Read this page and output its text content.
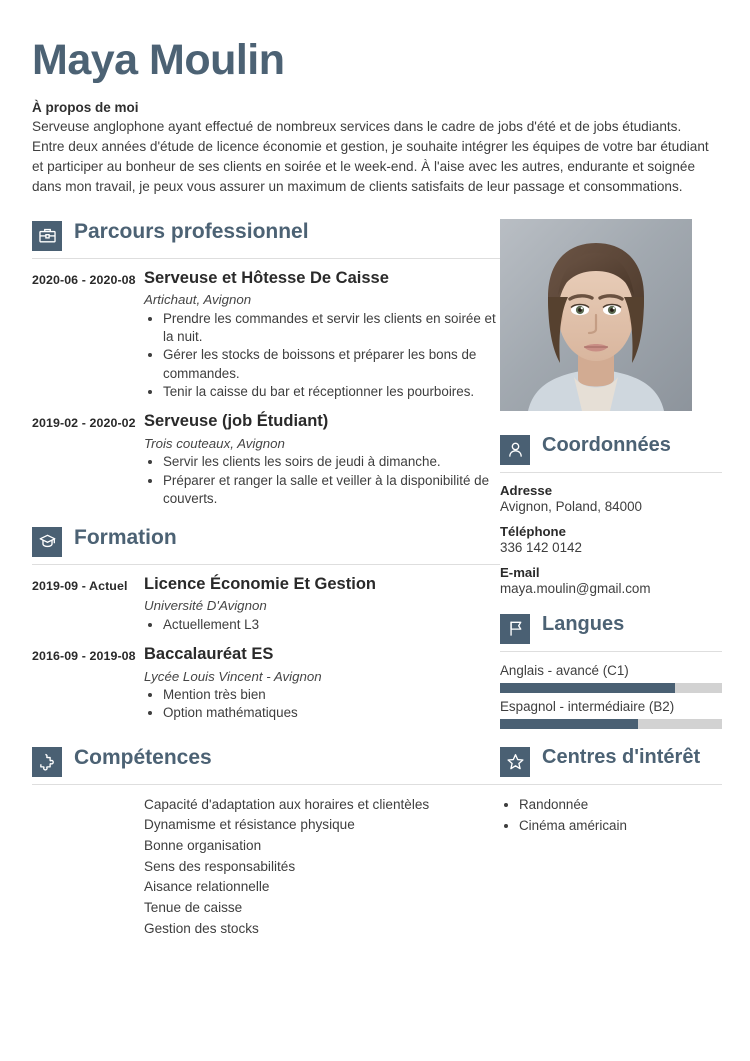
Maya Moulin
À propos de moi
Serveuse anglophone ayant effectué de nombreux services dans le cadre de jobs d'été et de jobs étudiants. Entre deux années d'étude de licence économie et gestion, je souhaite intégrer les équipes de votre bar étudiant et participer au bonheur de ses clients en soirée et le week-end. À l'aise avec les autres, endurante et soignée dans mon travail, je peux vous assurer un maximum de clients satisfaits de leur passage et consommations.
Parcours professionnel
2020-06 - 2020-08 Serveuse et Hôtesse De Caisse
Artichaut, Avignon
• Prendre les commandes et servir les clients en soirée et la nuit.
• Gérer les stocks de boissons et préparer les bons de commandes.
• Tenir la caisse du bar et réceptionner les pourboires.
2019-02 - 2020-02 Serveuse (job Étudiant)
Trois couteaux, Avignon
• Servir les clients les soirs de jeudi à dimanche.
• Préparer et ranger la salle et veiller à la disponibilité de couverts.
Formation
2019-09 - Actuel	Licence Économie Et Gestion
Université D'Avignon
• Actuellement L3
2016-09 - 2019-08 Baccalauréat ES
Lycée Louis Vincent - Avignon
• Mention très bien
• Option mathématiques
Compétences
Capacité d'adaptation aux horaires et clientèles
Dynamisme et résistance physique
Bonne organisation
Sens des responsabilités
Aisance relationnelle
Tenue de caisse
Gestion des stocks
Coordonnées
Adresse
Avignon, Poland, 84000
Téléphone
336 142 0142
E-mail
maya.moulin@gmail.com
Langues
Anglais - avancé (C1)
Espagnol - intermédiaire (B2)
Centres d'intérêt
• Randonnée
• Cinéma américain
